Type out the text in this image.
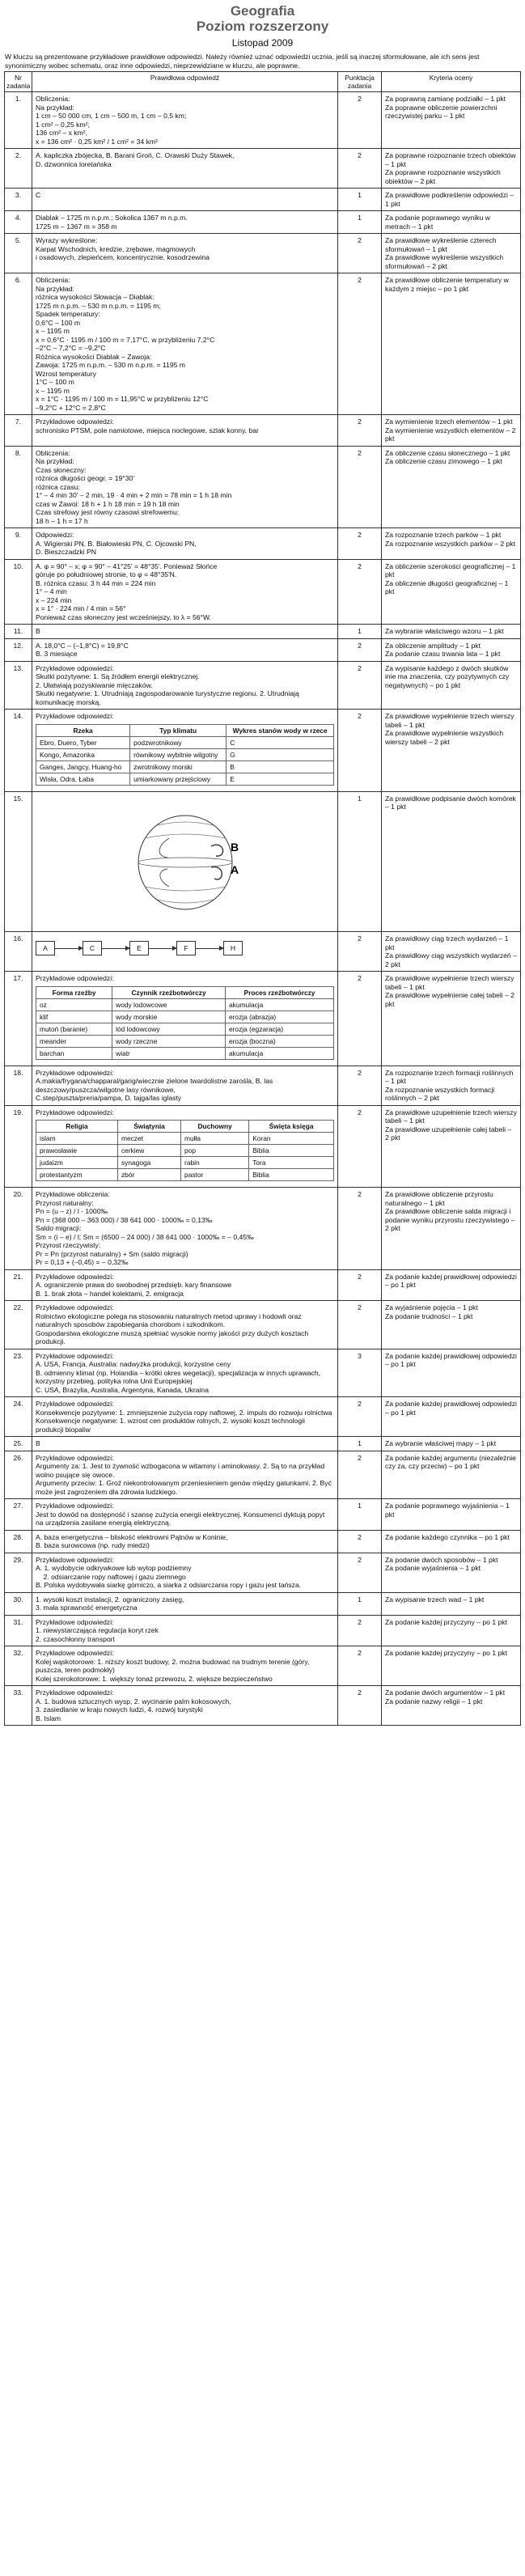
Geografia
Poziom rozszerzony
Listopad 2009
W kluczu są prezentowane przykładowe prawidłowe odpowiedzi. Należy również uznać odpowiedzi ucznia, jeśli są inaczej sformułowane, ale ich sens jest synonimiczny wobec schematu, oraz inne odpowiedzi, nieprzewidziane w kluczu, ale poprawne.
Nr zadania	Prawidłowa odpowiedź	Punktacja zadania	Kryteria oceny
1.	Obliczenia:
Na przykład:
1 cm – 50 000 cm, 1 cm – 500 m, 1 cm – 0,5 km;
1 cm² – 0,25 km²;
136 cm² – x km²,
x = 136 cm² · 0,25 km² / 1 cm² = 34 km²
	2	Za poprawną zamianę podziałki – 1 pkt
Za poprawne obliczenie powierzchni rzeczywistej parku – 1 pkt

2.	A. kapliczka zbójecka, B. Barani Groń, C. Orawski Duży Stawek,
D. dzwonnica loretańska
	2	Za poprawne rozpoznanie trzech obiektów – 1 pkt
Za poprawne rozpoznanie wszystkich obiektów – 2 pkt

3.	C	1	Za prawidłowe podkreślenie odpowiedzi – 1 pkt

4.	Diablak – 1725 m n.p.m.; Sokolica 1367 m n.p.m.
1725 m – 1367 m = 358 m
	1	Za podanie poprawnego wyniku w metrach – 1 pkt

5.	Wyrazy wykreślone:
Karpat Wschodnich, kredzie, zrębowe, magmowych
i osadowych, zlepieńcem, koncentrycznie, kosodrzewina
	2	Za prawidłowe wykreślenie czterech sformułowań – 1 pkt
Za prawidłowe wykreślenie wszystkich sformułowań – 2 pkt

6.	Obliczenia:
Na przykład:
różnica wysokości Słowacja – Diablak:
1725 m n.p.m. – 530 m n.p.m. = 1195 m;
Spadek temperatury:
0,6°C – 100 m
x – 1195 m
x = 0,6°C · 1195 m / 100 m = 7,17°C, w przybliżeniu 7,2°C
–2°C – 7,2°C = –9,2°C
Różnica wysokości Diablak – Zawoja:
Zawoja: 1725 m n.p.m. – 530 m n.p.m. = 1195 m
Wzrost temperatury
1°C – 100 m
x – 1195 m
x = 1°C · 1195 m / 100 m = 11,95°C w przybliżeniu 12°C
–9,2°C + 12°C = 2,8°C
	2	Za prawidłowe obliczenie temperatury w każdym z miejsc – po 1 pkt

7.	Przykładowe odpowiedzi:
schronisko PTSM, pole namiotowe, miejsca noclegowe, szlak konny, bar
	2	Za wymienienie trzech elementów – 1 pkt
Za wymienienie wszystkich elementów – 2 pkt

8.	Obliczenia:
Na przykład:
Czas słoneczny:
różnica długości geogr. = 19°30'
różnica czasu:
1° – 4 min 30' – 2 min, 19 · 4 min + 2 min = 78 min = 1 h 18 min
czas w Zawoi: 18 h + 1 h 18 min = 19 h 18 min
Czas strefowy jest równy czasowi strefowemu:
18 h – 1 h = 17 h
	2	Za obliczenie czasu słonecznego – 1 pkt
Za obliczenie czasu zimowego – 1 pkt

9.	Odpowiedzi:
A. Wigierski PN, B. Białowieski PN, C. Ojcowski PN,
D. Bieszczadzki PN
	2	Za rozpoznanie trzech parków – 1 pkt
Za rozpoznanie wszystkich parków – 2 pkt

10.	A. φ = 90° – x; φ = 90° – 41°25' = 48°35'. Ponieważ Słońce
góruje po południowej stronie, to φ = 48°35'N.
B. różnica czasu: 3 h 44 min = 224 min
1° – 4 min
x – 224 min
x = 1° · 224 min / 4 min = 56°
Ponieważ czas słoneczny jest wcześniejszy, to λ = 56°W.
	2	Za obliczenie szerokości geograficznej – 1 pkt
Za obliczenie długości geograficznej – 1 pkt

11.	B	1	Za wybranie właściwego wzoru – 1 pkt

12.	A. 18,0°C – (–1,8°C) = 19,8°C
B. 3 miesiące
	2	Za obliczenie amplitudy – 1 pkt
Za podanie czasu trwania lata – 1 pkt

13.	Przykładowe odpowiedzi:
Skutki pozytywne: 1. Są źródłem energii elektrycznej.
2. Ułatwiają pozyskiwanie mięczaków.
Skutki negatywne: 1. Utrudniają zagospodarowanie turystyczne regionu. 2. Utrudniają komunikację morską.
	2	Za wypisanie każdego z dwóch skutków inie ma znaczenia, czy pozytywnych czy negatywnych) – po 1 pkt

14.	Przykładowe odpowiedzi:
Rzeka	Typ klimatu	Wykres stanów wody w rzece
Ebro, Duero, Tyber	podzwrotnikowy	C
Kongo, Amazonka	równikowy wybitnie wilgotny	G
Ganges, Jangcy, Huang-ho	zwrotnikowy morski	B
Wisła, Odra, Łaba	umiarkowany przejściowy	E
	2	Za prawidłowe wypełnienie trzech wierszy tabeli – 1 pkt
Za prawidłowe wypełnienie wszystkich wierszy tabeli – 2 pkt

15.	
B
A
	1	Za prawidłowe podpisanie dwóch komórek – 1 pkt

16.	
A	C	E	F	H
	2	Za prawidłowy ciąg trzech wydarzeń – 1 pkt
Za prawidłowy ciąg wszystkich wydarzeń – 2 pkt

17.	Przykładowe odpowiedzi:
Forma rzeźby	Czynnik rzeźbotwórczy	Proces rzeźbotwórczy
oz	wody lodowcowe	akumulacja
klif	wody morskie	erozja (abrazja)
mutoń (baranie)	lód lodowcowy	erozja (egzaracja)
meander	wody rzeczne	erozja (boczna)
barchan	wiatr	akumulacja
	2	Za prawidłowe wypełnienie trzech wierszy tabeli – 1 pkt
Za prawidłowe wypełnienie całej tabeli – 2 pkt

18.	Przykładowe odpowiedzi:
A.makia/frygana/chapparal/garig/wiecznie zielone twardolistne zarośla, B. las deszczowy/puszcza/wilgotne lasy równikowe,
C.step/puszta/preria/pampa, D. tajga/las iglasty
	2	Za rozpoznanie trzech formacji roślinnych – 1 pkt
Za rozpoznanie wszystkich formacji roślinnych – 2 pkt

19.	Przykładowe odpowiedzi:
Religia	Świątynia	Duchowny	Święta księga
islam	meczet	mułła	Koran
prawosławie	cerkiew	pop	Biblia
judaizm	synagoga	rabin	Tora
protestantyzm	zbór	pastor	Biblia
	2	Za prawidłowe uzupełnienie trzech wierszy tabeli – 1 pkt
Za prawidłowe uzupełnienie całej tabeli – 2 pkt

20.	Przykładowe obliczenia:
Przyrost naturalny:
Pn = (u – z) / l · 1000‰
Pn = (368 000 – 363 000) / 38 641 000 · 1000‰ = 0,13‰
Saldo migracji:
Sm = (i – e) / l; Sm = (6500 – 24 000) / 38 641 000 · 1000‰ = – 0,45‰
Przyrost rzeczywisty:
Pr = Pn (przyrost naturalny) + Sm (saldo migracji)
Pr = 0,13 + (–0,45) = – 0,32‰
	2	Za prawidłowe obliczenie przyrostu naturalnego – 1 pkt
Za prawidłowe obliczenie salda migracji i podanie wyniku przyrostu rzeczywistego – 2 pkt

21.	Przykładowe odpowiedzi:
A. ograniczenie prawa do swobodnej przedsięb. kary finansowe
B. 1. brak złota – handel kolektami, 2. emigracja
	2	Za podanie każdej prawidłowej odpowiedzi – po 1 pkt

22.	Przykładowe odpowiedzi:
Rolnictwo ekologiczne polega na stosowaniu naturalnych metod uprawy i hodowli oraz naturalnych sposobów zapobiegania chorobom i szkodnikom.
Gospodarstwa ekologiczne muszą spełniać wysokie normy jakości przy dużych kosztach produkcji.
	2	Za wyjaśnienie pojęcia – 1 pkt
Za podanie trudności – 1 pkt

23.	Przykładowe odpowiedzi:
A. USA, Francja, Australia: nadwyżka produkcji, korzystne ceny
B. odmienny klimat (np. Holandia – krótki okres wegetacji), specjalizacja w innych uprawach, korzystny przebieg, polityka rolna Unii Europejskiej
C. USA, Brazylia, Australia, Argentyna, Kanada, Ukraina
	3	Za podanie każdej prawidłowej odpowiedzi – po 1 pkt

24.	Przykładowe odpowiedzi:
Konsekwencje pozytywne: 1. zmniejszenie zużycia ropy naftowej, 2. impuls do rozwoju rolnictwa
Konsekwencje negatywne: 1. wzrost cen produktów rolnych, 2. wysoki koszt technologii produkcji biopaliw
	2	Za podanie każdej prawidłowej odpowiedzi – po 1 pkt

25.	B	1	Za wybranie właściwej mapy – 1 pkt

26.	Przykładowe odpowiedzi:
Argumenty za: 1. Jest to żywność wzbogacona w witaminy i aminokwasy. 2. Są to na przykład wolno psujące się owoce.
Argumenty przeciw: 1. Groź niekontrolowanym przeniesieniem genów między gatunkami. 2. Być może jest zagrożeniem dla zdrowia ludzkiego.
	2	Za podanie każdej argumentu (niezależnie czy za, czy przeciw) – po 1 pkt

27.	Przykładowe odpowiedzi:
Jest to dowód na dostępność i szansę zużycia energii elektrycznej. Konsumenci dyktują popyt na urządzenia zasilane energią elektryczną.
	1	Za podanie poprawnego wyjaśnienia – 1 pkt

28.	A. baza energetyczna – bliskość elektrowni Pątnów w Koninie,
B. baza surowcowa (np. rudy miedzi)
	2	Za podanie każdego czynnika – po 1 pkt

29.	Przykładowe odpowiedzi:
A. 1. wydobycie odkrywkowe lub wytop podziemny
2. odsiarczanie ropy naftowej i gazu ziemnego
B. Polska wydobywała siarkę górniczo, a siarka z odsiarczania ropy i gazu jest tańsza.
	2	Za podanie dwóch sposobów – 1 pkt
Za podanie wyjaśnienia – 1 pkt

30.	1. wysoki koszt instalacji, 2. ograniczony zasięg,
3. mała sprawność energetyczna
	1	Za wypisanie trzech wad – 1 pkt

31.	Przykładowe odpowiedzi:
1. niewystarczająca regulacja koryt rzek
2. czasochłonny transport
	2	Za podanie każdej przyczyny – po 1 pkt

32.	Przykładowe odpowiedzi:
Kolej wąskotorowe: 1. niższy koszt budowy, 2. można budować na trudnym terenie (góry, puszcza, teren podmokły)
Kolej szerokotorowe: 1. większy tonaż przewozu, 2. większe bezpieczeństwo
	2	Za podanie każdej przyczyny – po 1 pkt

33.	Przykładowe odpowiedzi:
A. 1. budowa sztucznych wysp, 2. wycinanie palm kokosowych,
3. zasiedlanie w kraju nowych ludzi, 4. rozwój turystyki
B. Islam
	2	Za podanie dwóch argumentów – 1 pkt
Za podanie nazwy religii – 1 pkt
